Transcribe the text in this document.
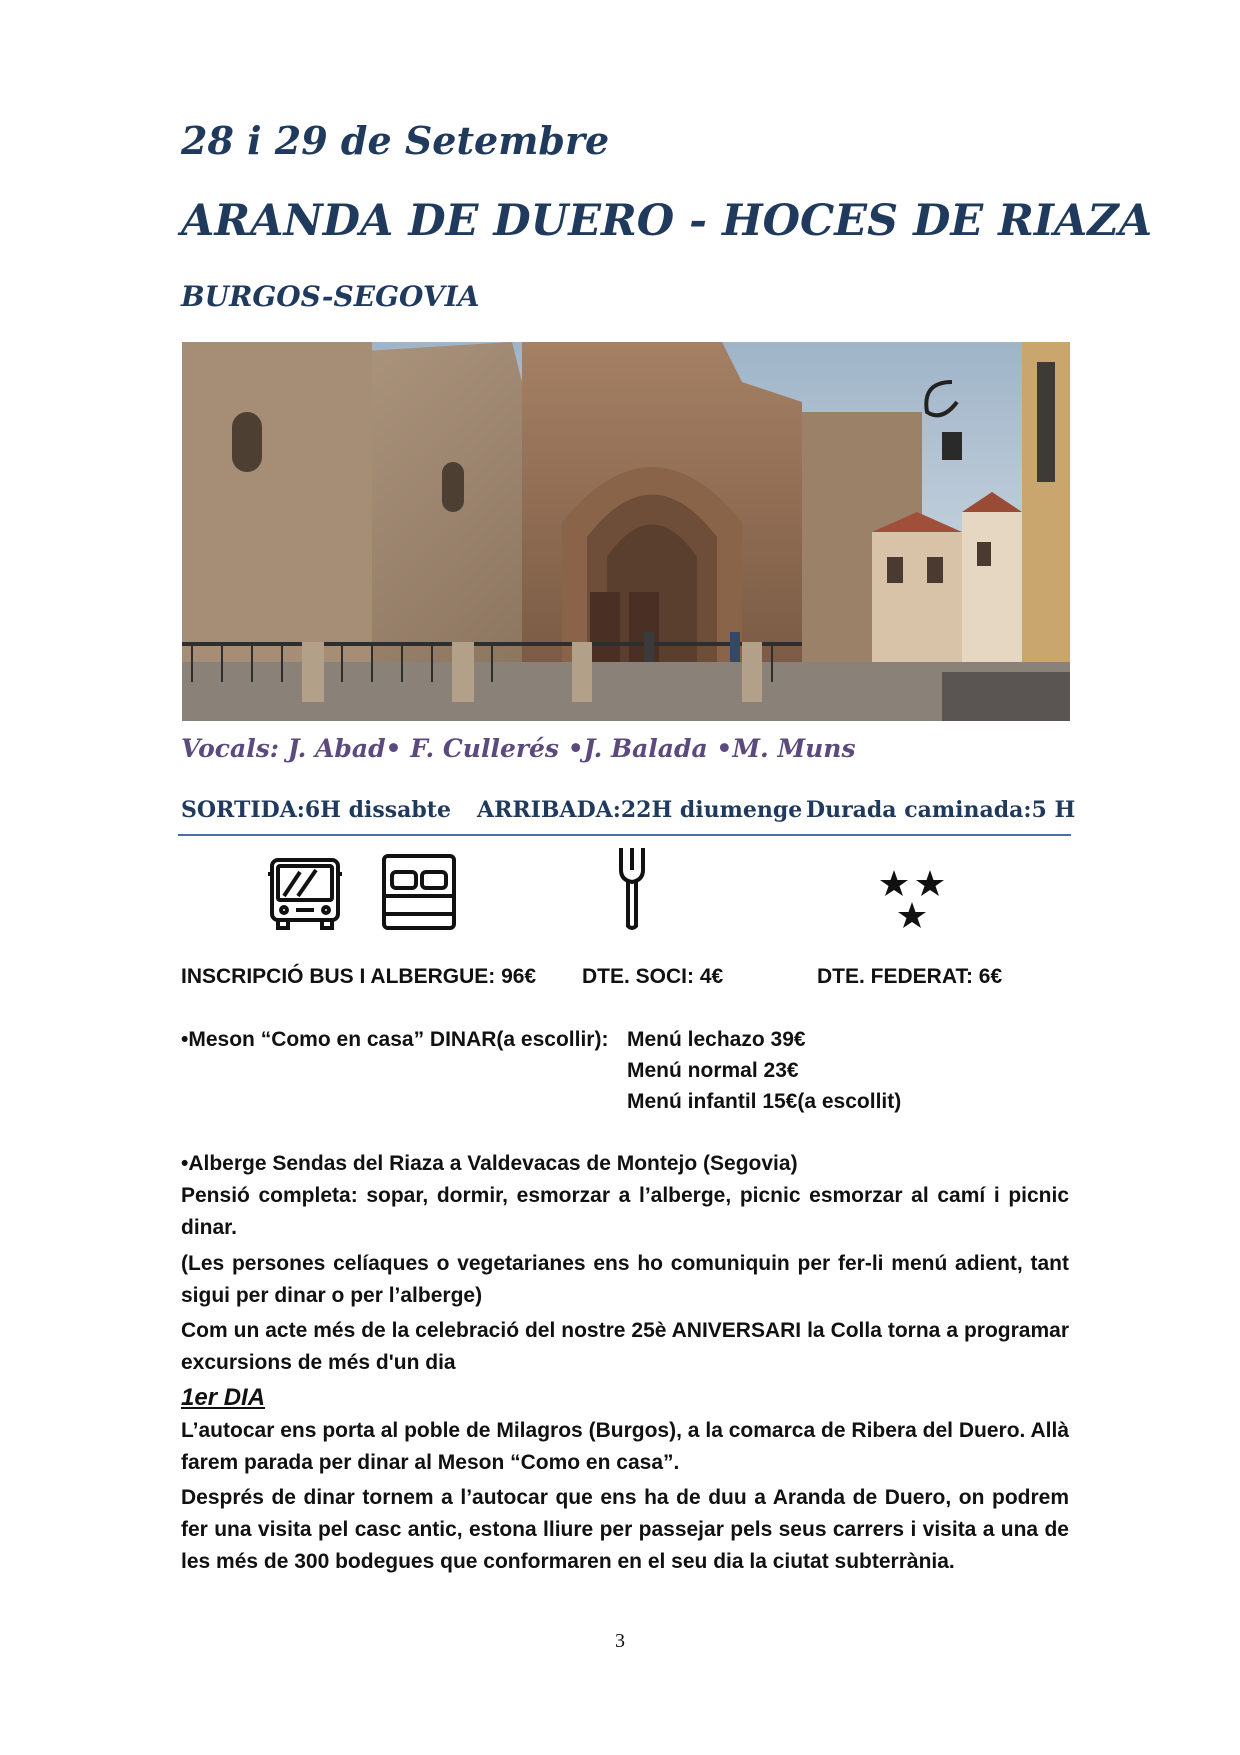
28 i 29 de Setembre
ARANDA DE DUERO - HOCES DE RIAZA
BURGOS-SEGOVIA
Vocals: J. Abad• F. Cullerés •J. Balada •M. Muns
SORTIDA:6H dissabte ARRIBADA:22H diumenge Durada caminada:5 H
INSCRIPCIÓ BUS I ALBERGUE: 96€ DTE. SOCI: 4€	DTE. FEDERAT: 6€
•Meson “Como en casa” DINAR(a escollir): Menú lechazo 39€
Menú normal 23€
Menú infantil 15€(a escollit)
•Alberge Sendas del Riaza a Valdevacas de Montejo (Segovia)
Pensió completa: sopar, dormir, esmorzar a l’alberge, picnic esmorzar al camí i picnic dinar.
(Les persones celíaques o vegetarianes ens ho comuniquin per fer-li menú adient, tant sigui per dinar o per l’alberge)
Com un acte més de la celebració del nostre 25è ANIVERSARI la Colla torna a programar excursions de més d'un dia
1er DIA
L’autocar ens porta al poble de Milagros (Burgos), a la comarca de Ribera del Duero. Allà farem parada per dinar al Meson “Como en casa”.
Després de dinar tornem a l’autocar que ens ha de duu a Aranda de Duero, on podrem fer una visita pel casc antic, estona lliure per passejar pels seus carrers i visita a una de les més de 300 bodegues que conformaren en el seu dia la ciutat subterrània.
3
